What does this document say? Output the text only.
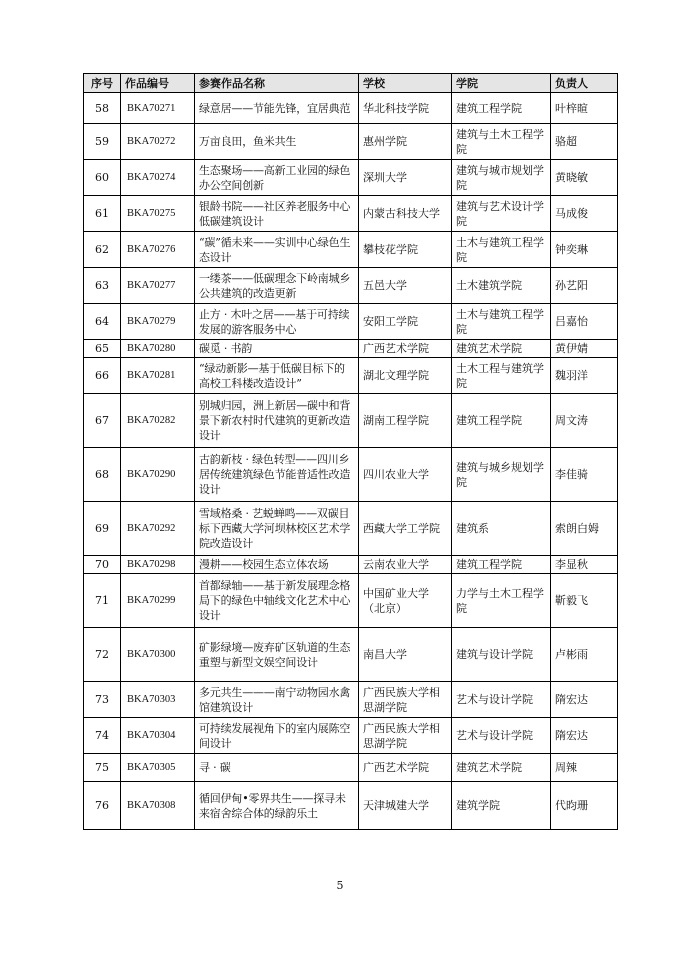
序号	作品编号	参赛作品名称	学校	学院	负责人
58	BKA70271	绿意居——节能先锋，宜居典范	华北科技学院	建筑工程学院	叶梓暄
59	BKA70272	万亩良田，鱼米共生	惠州学院	建筑与土木工程学院	骆超
60	BKA70274	生态聚场——高新工业园的绿色办公空间创新	深圳大学	建筑与城市规划学院	黄晓敏
61	BKA70275	银龄书院——社区养老服务中心低碳建筑设计	内蒙古科技大学	建筑与艺术设计学院	马成俊
62	BKA70276	“碳”循未来——实训中心绿色生态设计	攀枝花学院	土木与建筑工程学院	钟奕琳
63	BKA70277	一缕茶——低碳理念下岭南城乡公共建筑的改造更新	五邑大学	土木建筑学院	孙艺阳
64	BKA70279	止方 · 木叶之居——基于可持续发展的游客服务中心	安阳工学院	土木与建筑工程学院	吕嘉怡
65	BKA70280	碳觅 · 书韵	广西艺术学院	建筑艺术学院	黄伊婧
66	BKA70281	“绿动新影—基于低碳目标下的高校工科楼改造设计”	湖北文理学院	土木工程与建筑学院	魏羽洋
67	BKA70282	别城归园，洲上新居—碳中和背景下新农村时代建筑的更新改造设计	湖南工程学院	建筑工程学院	周文涛
68	BKA70290	古韵新枝 · 绿色转型——四川乡居传统建筑绿色节能普适性改造设计	四川农业大学	建筑与城乡规划学院	李佳骑
69	BKA70292	雪域格桑 · 艺蜕蝉鸣——双碳目标下西藏大学河坝林校区艺术学院改造设计	西藏大学工学院	建筑系	索朗白姆
70	BKA70298	漫耕——校园生态立体农场	云南农业大学	建筑工程学院	李显秋
71	BKA70299	首都绿轴——基于新发展理念格局下的绿色中轴线文化艺术中心设计	中国矿业大学（北京）	力学与土木工程学院	靳毅飞
72	BKA70300	矿影绿境—废弃矿区轨道的生态重塑与新型文娱空间设计	南昌大学	建筑与设计学院	卢彬雨
73	BKA70303	多元共生———南宁动物园水禽馆建筑设计	广西民族大学相思湖学院	艺术与设计学院	隋宏达
74	BKA70304	可持续发展视角下的室内展陈空间设计	广西民族大学相思湖学院	艺术与设计学院	隋宏达
75	BKA70305	寻 · 碳	广西艺术学院	建筑艺术学院	周辣
76	BKA70308	循回伊甸•零界共生——探寻未来宿舍综合体的绿韵乐土	天津城建大学	建筑学院	代昀珊
5
